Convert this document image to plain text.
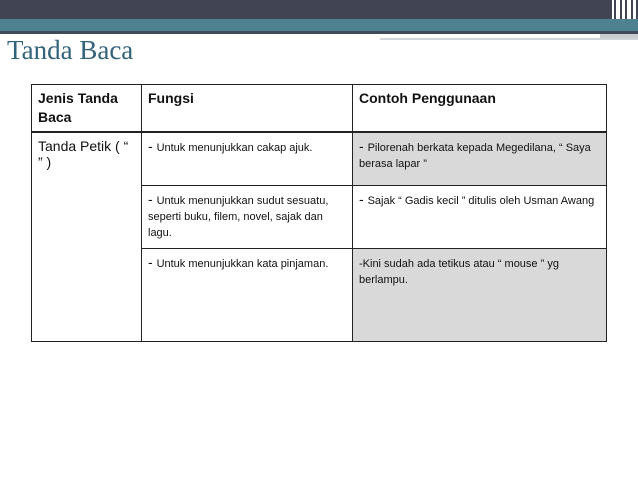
Tanda Baca
Jenis Tanda Baca	Fungsi	Contoh Penggunaan
Tanda Petik ( “ ” )	- Untuk menunjukkan cakap ajuk.	- Pilorenah berkata kepada Megedilana, “ Saya berasa lapar ”
	- Untuk menunjukkan sudut sesuatu, seperti buku, filem, novel, sajak dan lagu.	- Sajak “ Gadis kecil ” ditulis oleh Usman Awang
	- Untuk menunjukkan kata pinjaman.	-Kini sudah ada tetikus atau “ mouse ” yg berlampu.
